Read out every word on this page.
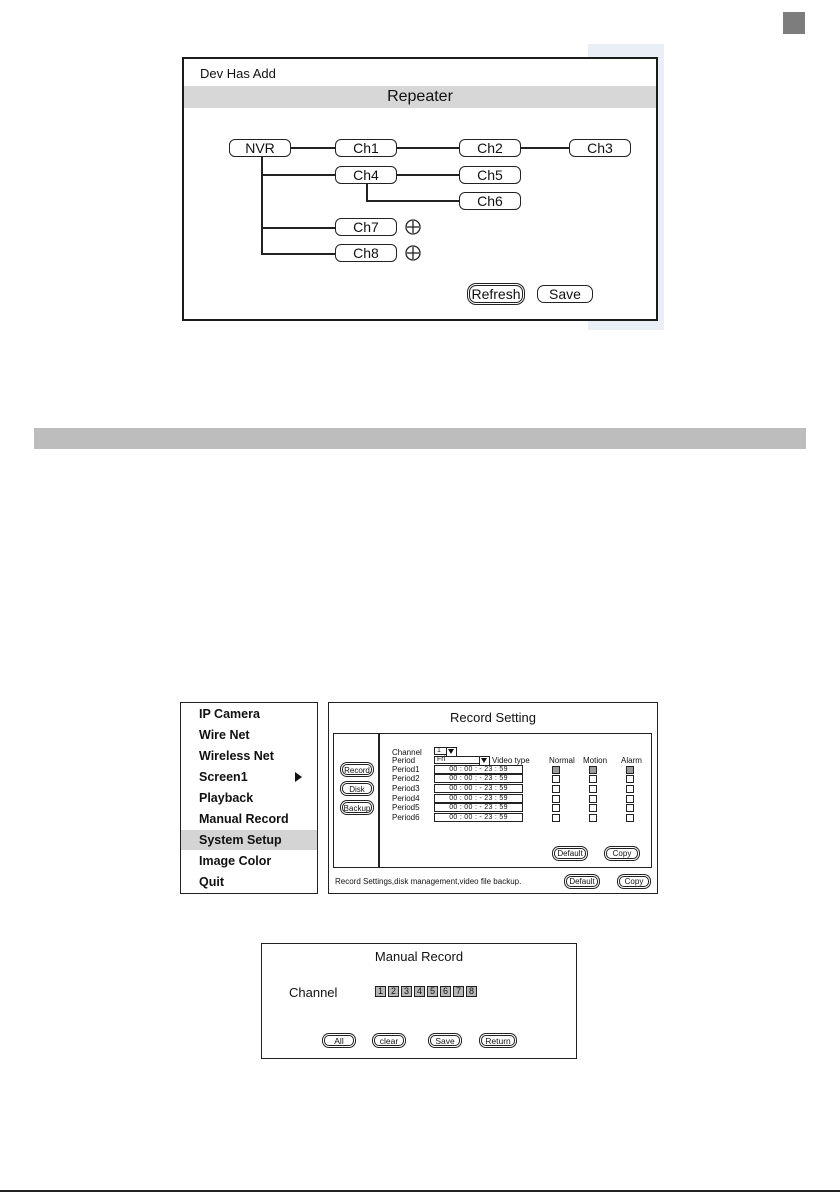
Dev Has Add
Repeater
NVR	Ch1	Ch2	Ch3
Ch4	Ch5
Ch6
Ch7
Ch8
Refresh	Save
IP Camera
Wire Net
Wireless Net
Screen1
Playback
Manual Record
System Setup
Image Color
Quit
Record Setting
Record
Disk
Backup
Channel	1
Period	Fri	Video type Normal Motion Alarm
Period1	00 : 00 : - 23 : 59
Period2	00 : 00 : - 23 : 59
Period3	00 : 00 : - 23 : 59
Period4	00 : 00 : - 23 : 59
Period5	00 : 00 : - 23 : 59
Period6	00 : 00 : - 23 : 59
Default	Copy
Record Settings,disk management,video file backup.	Default	Copy
Manual Record
Channel	1 2 3 4 5 6 7 8
All	clear	Save	Return
